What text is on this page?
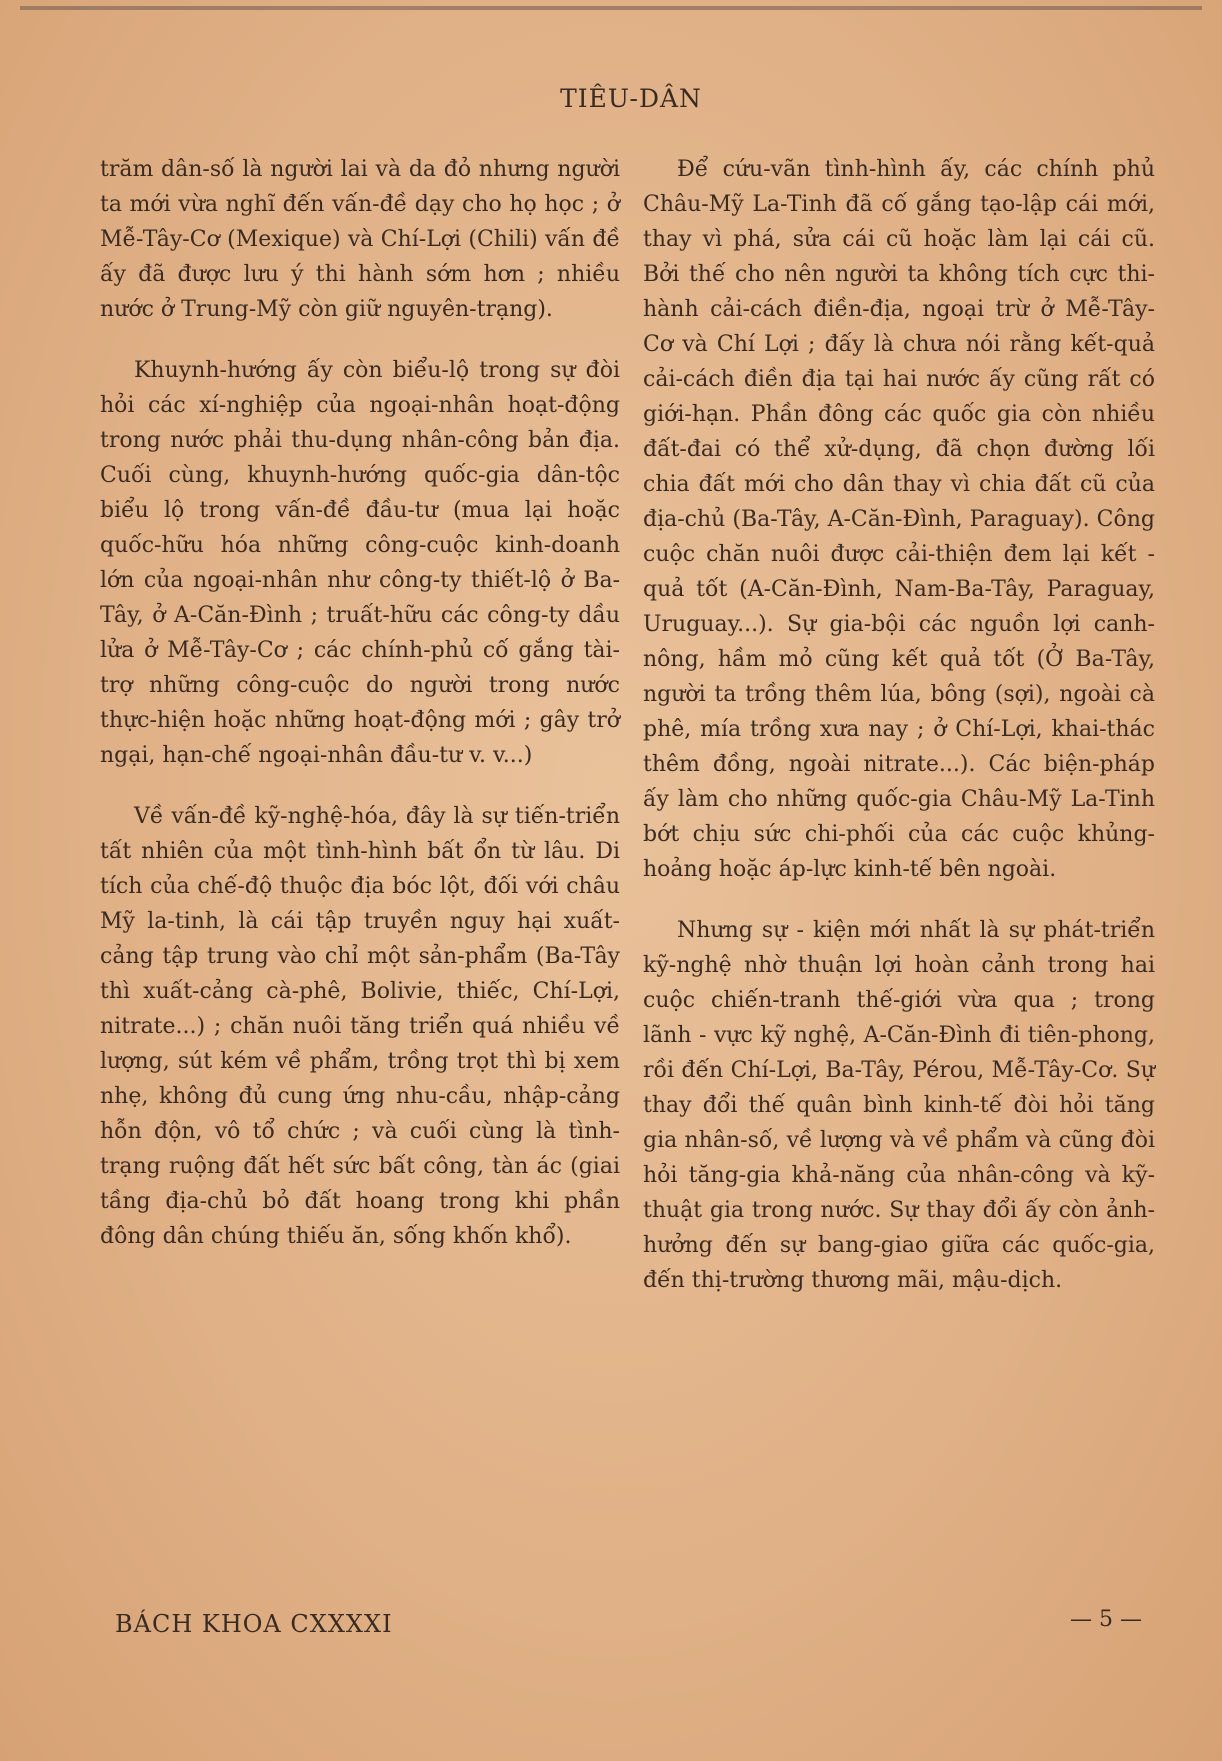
TIÊU-DÂN

trăm dân-số là người lai và da đỏ nhưng người ta mới vừa nghĩ đến vấn-đề dạy cho họ học ; ở Mễ-Tây-Cơ (Mexique) và Chí-Lợi (Chili) vấn đề ấy đã được lưu ý thi hành sớm hơn ; nhiều nước ở Trung-Mỹ còn giữ nguyên-trạng).

Khuynh-hướng ấy còn biểu-lộ trong sự đòi hỏi các xí-nghiệp của ngoại-nhân hoạt-động trong nước phải thu-dụng nhân-công bản địa. Cuối cùng, khuynh-hướng quốc-gia dân-tộc biểu lộ trong vấn-đề đầu-tư (mua lại hoặc quốc-hữu hóa những công-cuộc kinh-doanh lớn của ngoại-nhân như công-ty thiết-lộ ở Ba-Tây, ở A-Căn-Đình ; truất-hữu các công-ty dầu lửa ở Mễ-Tây-Cơ ; các chính-phủ cố gắng tài-trợ những công-cuộc do người trong nước thực-hiện hoặc những hoạt-động mới ; gây trở ngại, hạn-chế ngoại-nhân đầu-tư v. v...)

Về vấn-đề kỹ-nghệ-hóa, đây là sự tiến-triển tất nhiên của một tình-hình bất ổn từ lâu. Di tích của chế-độ thuộc địa bóc lột, đối với châu Mỹ la-tinh, là cái tập truyền nguy hại xuất-cảng tập trung vào chỉ một sản-phẩm (Ba-Tây thì xuất-cảng cà-phê, Bolivie, thiếc, Chí-Lợi, nitrate...) ; chăn nuôi tăng triển quá nhiều về lượng, sút kém về phẩm, trồng trọt thì bị xem nhẹ, không đủ cung ứng nhu-cầu, nhập-cảng hỗn độn, vô tổ chức ; và cuối cùng là tình- trạng ruộng đất hết sức bất công, tàn ác (giai tầng địa-chủ bỏ đất hoang trong khi phần đông dân chúng thiếu ăn, sống khốn khổ).

Để cứu-vãn tình-hình ấy, các chính phủ Châu-Mỹ La-Tinh đã cố gắng tạo-lập cái mới, thay vì phá, sửa cái cũ hoặc làm lại cái cũ. Bởi thế cho nên người ta không tích cực thi-hành cải-cách điền-địa, ngoại trừ ở Mễ-Tây-Cơ và Chí Lợi ; đấy là chưa nói rằng kết-quả cải-cách điền địa tại hai nước ấy cũng rất có giới-hạn. Phần đông các quốc gia còn nhiều đất-đai có thể xử-dụng, đã chọn đường lối chia đất mới cho dân thay vì chia đất cũ của địa-chủ (Ba-Tây, A-Căn-Đình, Paraguay). Công cuộc chăn nuôi được cải-thiện đem lại kết - quả tốt (A-Căn-Đình, Nam-Ba-Tây, Paraguay, Uruguay...). Sự gia-bội các nguồn lợi canh-nông, hầm mỏ cũng kết quả tốt (Ở Ba-Tây, người ta trồng thêm lúa, bông (sợi), ngoài cà phê, mía trồng xưa nay ; ở Chí-Lợi, khai-thác thêm đồng, ngoài nitrate...). Các biện-pháp ấy làm cho những quốc-gia Châu-Mỹ La-Tinh bớt chịu sức chi-phối của các cuộc khủng-hoảng hoặc áp-lực kinh-tế bên ngoài.

Nhưng sự - kiện mới nhất là sự phát-triển kỹ-nghệ nhờ thuận lợi hoàn cảnh trong hai cuộc chiến-tranh thế-giới vừa qua ; trong lãnh - vực kỹ nghệ, A-Căn-Đình đi tiên-phong, rồi đến Chí-Lợi, Ba-Tây, Pérou, Mễ-Tây-Cơ. Sự thay đổi thế quân bình kinh-tế đòi hỏi tăng gia nhân-số, về lượng và về phẩm và cũng đòi hỏi tăng-gia khả-năng của nhân-công và kỹ-thuật gia trong nước. Sự thay đổi ấy còn ảnh-hưởng đến sự bang-giao giữa các quốc-gia, đến thị-trường thương mãi, mậu-dịch.

BÁCH KHOA CXXXXI	— 5 —
